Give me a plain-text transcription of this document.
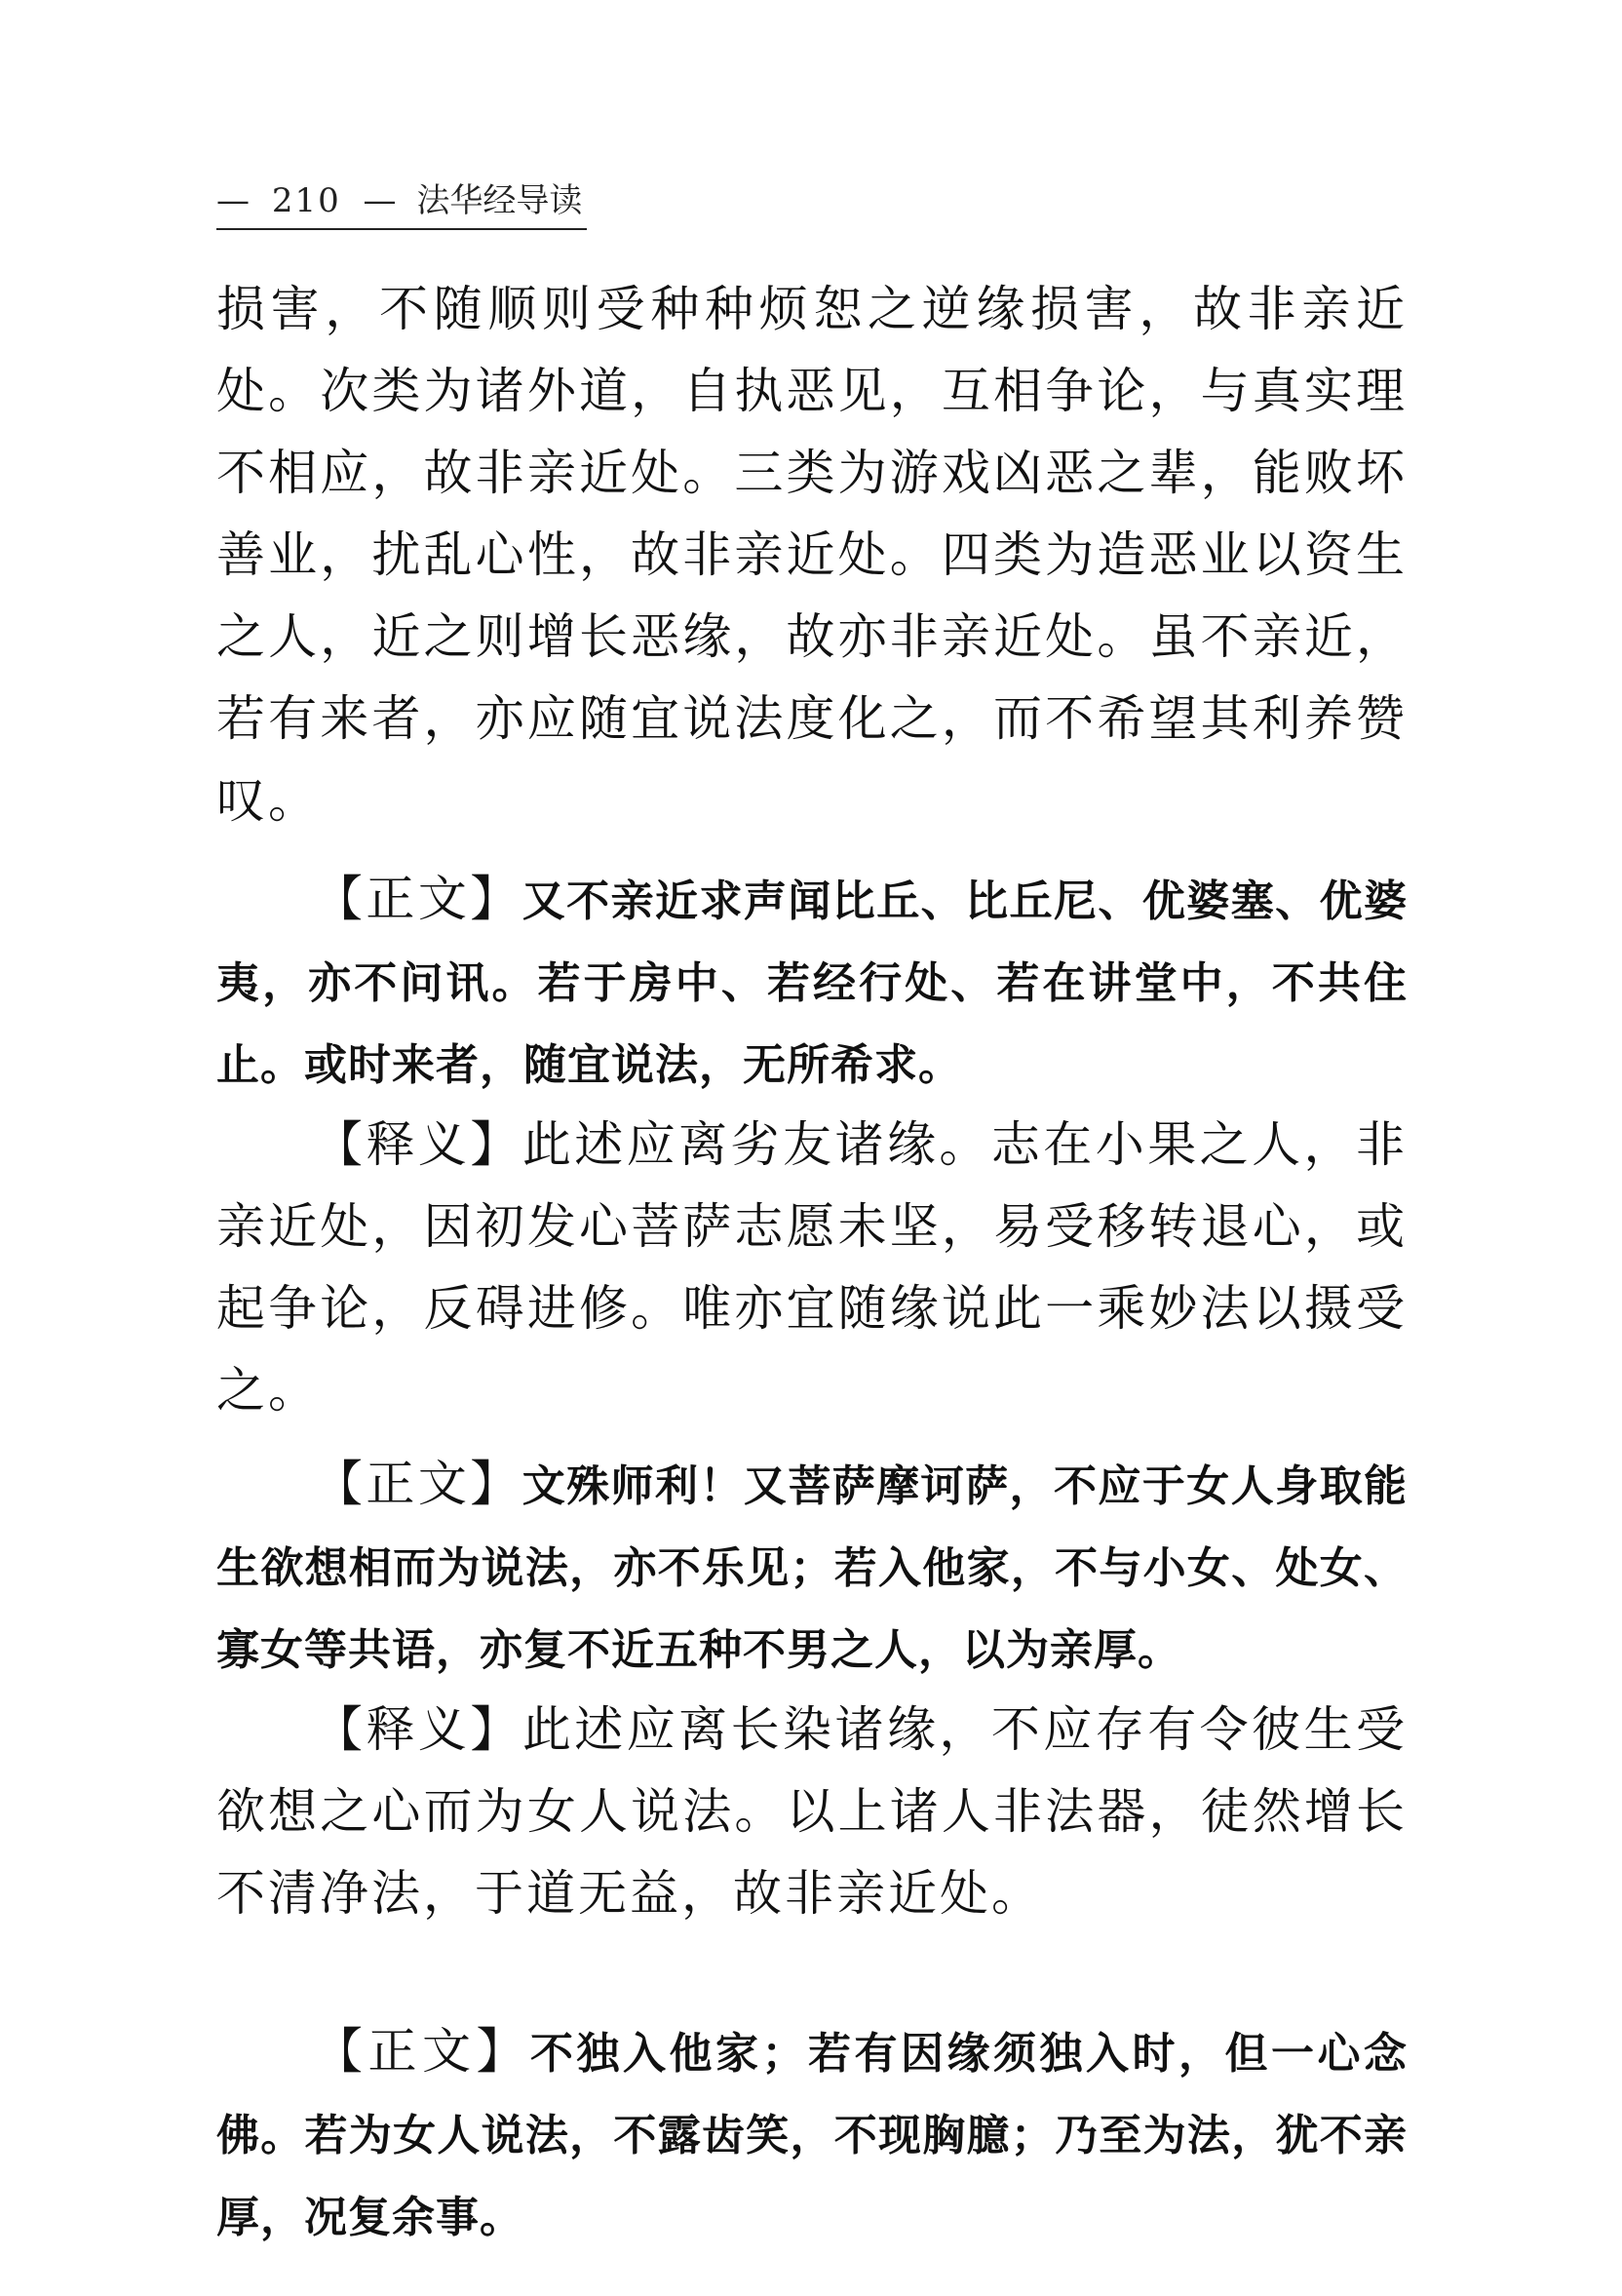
— 210 — 法华经导读

损害，不随顺则受种种烦恕之逆缘损害，故非亲近处。次类为诸外道，自执恶见，互相争论，与真实理不相应，故非亲近处。三类为游戏凶恶之辈，能败坏善业，扰乱心性，故非亲近处。四类为造恶业以资生之人，近之则增长恶缘，故亦非亲近处。虽不亲近，若有来者，亦应随宜说法度化之，而不希望其利养赞叹。

【正文】又不亲近求声闻比丘、比丘尼、优婆塞、优婆夷，亦不问讯。若于房中、若经行处、若在讲堂中，不共住止。或时来者，随宜说法，无所希求。

【释义】此述应离劣友诸缘。志在小果之人，非亲近处，因初发心菩萨志愿未坚，易受移转退心，或起争论，反碍进修。唯亦宜随缘说此一乘妙法以摄受之。

【正文】文殊师利！又菩萨摩诃萨，不应于女人身取能生欲想相而为说法，亦不乐见；若入他家，不与小女、处女、寡女等共语，亦复不近五种不男之人，以为亲厚。

【释义】此述应离长染诸缘，不应存有令彼生受欲想之心而为女人说法。以上诸人非法器，徒然增长不清净法，于道无益，故非亲近处。

【正文】不独入他家；若有因缘须独入时，但一心念佛。若为女人说法，不露齿笑，不现胸臆；乃至为法，犹不亲厚，况复余事。
